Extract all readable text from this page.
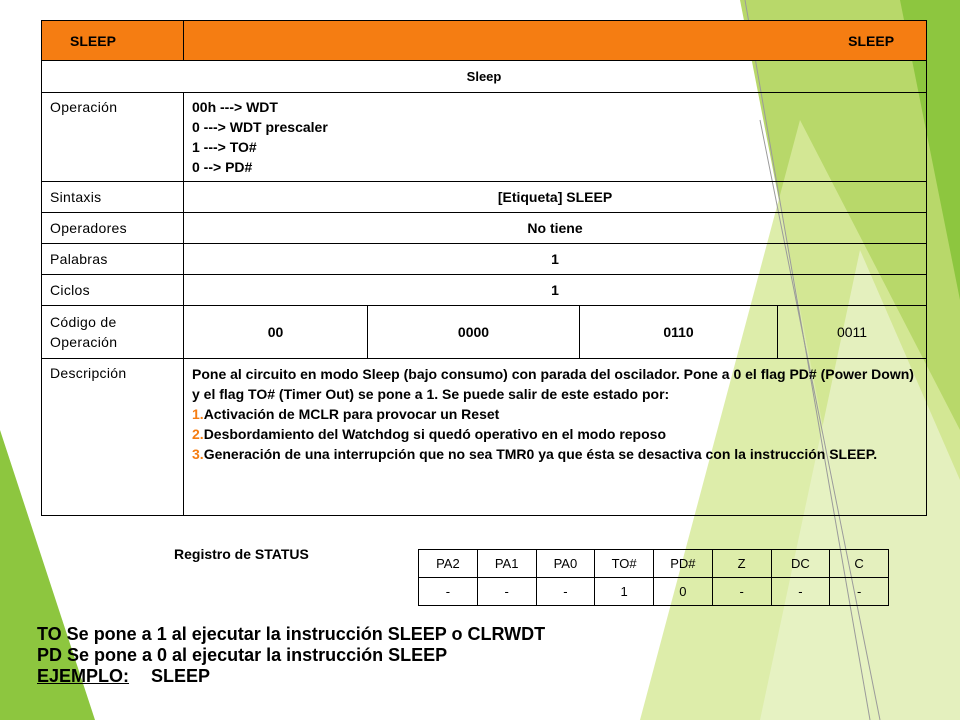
SLEEP	SLEEP			
Sleep				
Operación	00h ---> WDT
0 ---> WDT prescaler
1 ---> TO#
0 --> PD#			

Sintaxis	[Etiqueta] SLEEP			
Operadores	No tiene			
Palabras	1			
Ciclos	1			

Código de
Operación	00	0000	0110	0011
Descripción	Pone al circuito en modo Sleep (bajo consumo) con parada del oscilador. Pone a 0 el flag PD# (Power Down) y el flag TO# (Timer Out) se pone a 1. Se puede salir de este estado por:
1.Activación de MCLR para provocar un Reset
2.Desbordamiento del Watchdog si quedó operativo en el modo reposo
3.Generación de una interrupción que no sea TMR0 ya que ésta se desactiva con la instrucción SLEEP.			
Registro de STATUS
PA2	PA1	PA0	TO#	PD#	Z	DC	C
-	-	-	1	0	-	-	-
TO Se pone a 1 al ejecutar la instrucción SLEEP o CLRWDT
PD Se pone a 0 al ejecutar la instrucción SLEEP
EJEMPLO: SLEEP
